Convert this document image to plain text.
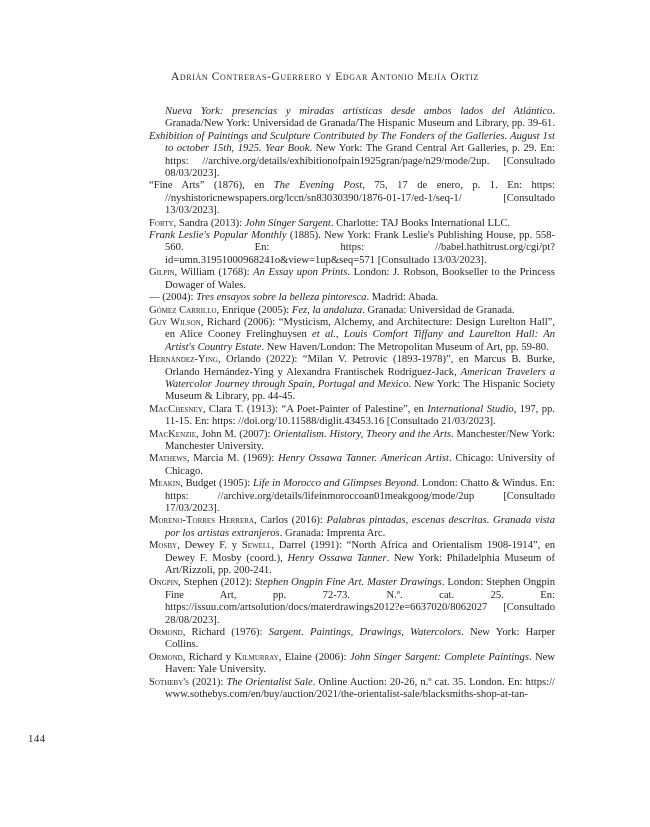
Adrián Contreras-Guerrero y Edgar Antonio Mejía Ortiz

Nueva York: presencias y miradas artísticas desde ambos lados del Atlántico. Granada/New York: Universidad de Granada/The Hispanic Museum and Library, pp. 39-61.

Exhibition of Paintings and Sculpture Contributed by The Fonders of the Galleries. August 1st to october 15th, 1925. Year Book. New York: The Grand Central Art Galleries, p. 29. En: https: //archive.org/details/exhibitionofpain1925gran/page/n29/mode/2up. [Consultado 08/03/2023].

“Fine Arts” (1876), en The Evening Post, 75, 17 de enero, p. 1. En: https: //nyshistoricnewspapers.org/lccn/sn83030390/1876-01-17/ed-1/seq-1/ [Consultado 13/03/2023].

Forty, Sandra (2013): John Singer Sargent. Charlotte: TAJ Books International LLC.

Frank Leslie's Popular Monthly (1885). New York: Frank Leslie's Publishing House, pp. 558-560. En: https: //babel.hathitrust.org/cgi/pt?id=umn.31951000968241o&view=1up&seq=571 [Consultado 13/03/2023].

Gilpin, William (1768): An Essay upon Prints. London: J. Robson, Bookseller to the Princess Dowager of Wales.

— (2004): Tres ensayos sobre la belleza pintoresca. Madrid: Abada.

Gómez Carrillo, Enrique (2005): Fez, la andaluza. Granada: Universidad de Granada.

Guy Wilson, Richard (2006): “Mysticism, Alchemy, and Architecture: Design Lurelton Hall”, en Alice Cooney Frelinghuysen et al., Louis Comfort Tiffany and Laurelton Hall: An Artist's Country Estate. New Haven/London: The Metropolitan Museum of Art, pp. 59-80.

Hernández-Ying, Orlando (2022): “Milan V. Petrovic (1893-1978)”, en Marcus B. Burke, Orlando Hernández-Ying y Alexandra Frantischek Rodríguez-Jack, American Travelers a Watercolor Journey through Spain, Portugal and Mexico. New York: The Hispanic Society Museum & Library, pp. 44-45.

MacChesney, Clara T. (1913): “A Poet-Painter of Palestine”, en International Studio, 197, pp. 11-15. En: https: //doi.org/10.11588/diglit.43453.16 [Consultado 21/03/2023].

MacKenzie, John M. (2007): Orientalism. History, Theory and the Arts. Manchester/New York: Manchester University.

Mathews, Marcia M. (1969): Henry Ossawa Tanner. American Artist. Chicago: University of Chicago.

Meakin, Budget (1905): Life in Morocco and Glimpses Beyond. London: Chatto & Windus. En: https: //archive.org/details/lifeinmoroccoan01meakgoog/mode/2up [Consultado 17/03/2023].

Moreno-Torres Herrera, Carlos (2016): Palabras pintadas, escenas descritas. Granada vista por los artistas extranjeros. Granada: Imprenta Arc.

Mosby, Dewey F. y Sewell, Darrel (1991): “North Africa and Orientalism 1908-1914”, en Dewey F. Mosby (coord.), Henry Ossawa Tanner. New York: Philadelphia Museum of Art/Rizzoli, pp. 200-241.

Ongpin, Stephen (2012): Stephen Ongpin Fine Art. Master Drawings. London: Stephen Ongpin Fine Art, pp. 72-73. N.º. cat. 25. En: https://issuu.com/artsolution/docs/materdrawings2012?e=6637020/8062027 [Consultado 28/08/2023].

Ormond, Richard (1976): Sargent. Paintings, Drawings, Watercolors. New York: Harper Collins.

Ormond, Richard y Kilmurray, Elaine (2006): John Singer Sargent: Complete Paintings. New Haven: Yale University.

Sotheby's (2021): The Orientalist Sale. Online Auction: 20-26, n.º cat. 35. London. En: https:// www.sothebys.com/en/buy/auction/2021/the-orientalist-sale/blacksmiths-shop-at-tan-

144
